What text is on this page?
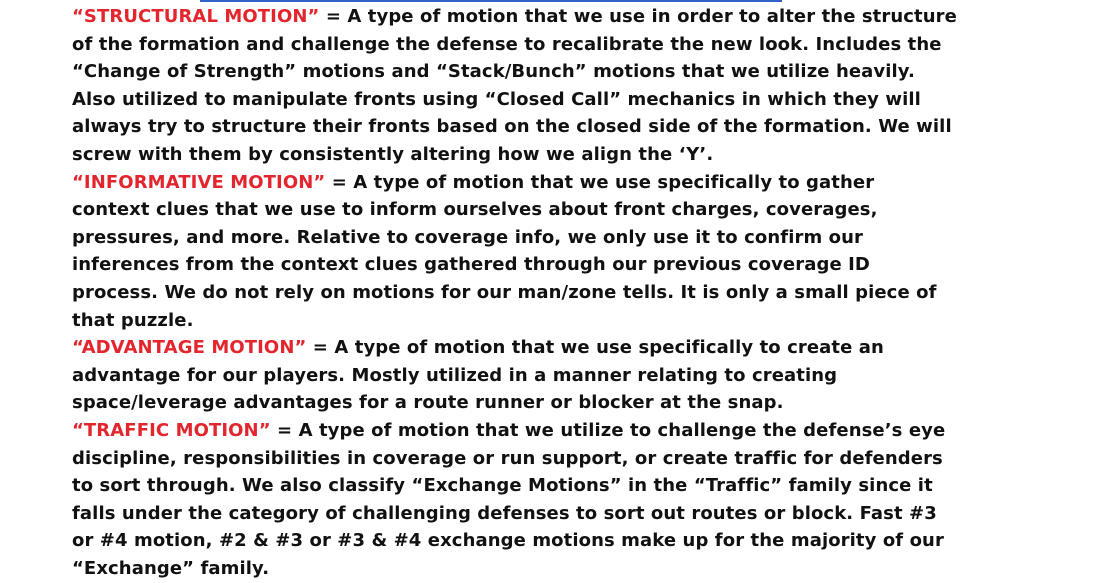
“STRUCTURAL MOTION” = A type of motion that we use in order to alter the structure
of the formation and challenge the defense to recalibrate the new look. Includes the
“Change of Strength” motions and “Stack/Bunch” motions that we utilize heavily.
Also utilized to manipulate fronts using “Closed Call” mechanics in which they will
always try to structure their fronts based on the closed side of the formation. We will
screw with them by consistently altering how we align the ‘Y’.

“INFORMATIVE MOTION” = A type of motion that we use specifically to gather
context clues that we use to inform ourselves about front charges, coverages,
pressures, and more. Relative to coverage info, we only use it to confirm our
inferences from the context clues gathered through our previous coverage ID
process. We do not rely on motions for our man/zone tells. It is only a small piece of
that puzzle.

“ADVANTAGE MOTION” = A type of motion that we use specifically to create an
advantage for our players. Mostly utilized in a manner relating to creating
space/leverage advantages for a route runner or blocker at the snap.

“TRAFFIC MOTION” = A type of motion that we utilize to challenge the defense’s eye
discipline, responsibilities in coverage or run support, or create traffic for defenders
to sort through. We also classify “Exchange Motions” in the “Traffic” family since it
falls under the category of challenging defenses to sort out routes or block. Fast #3
or #4 motion, #2 & #3 or #3 & #4 exchange motions make up for the majority of our
“Exchange” family.
